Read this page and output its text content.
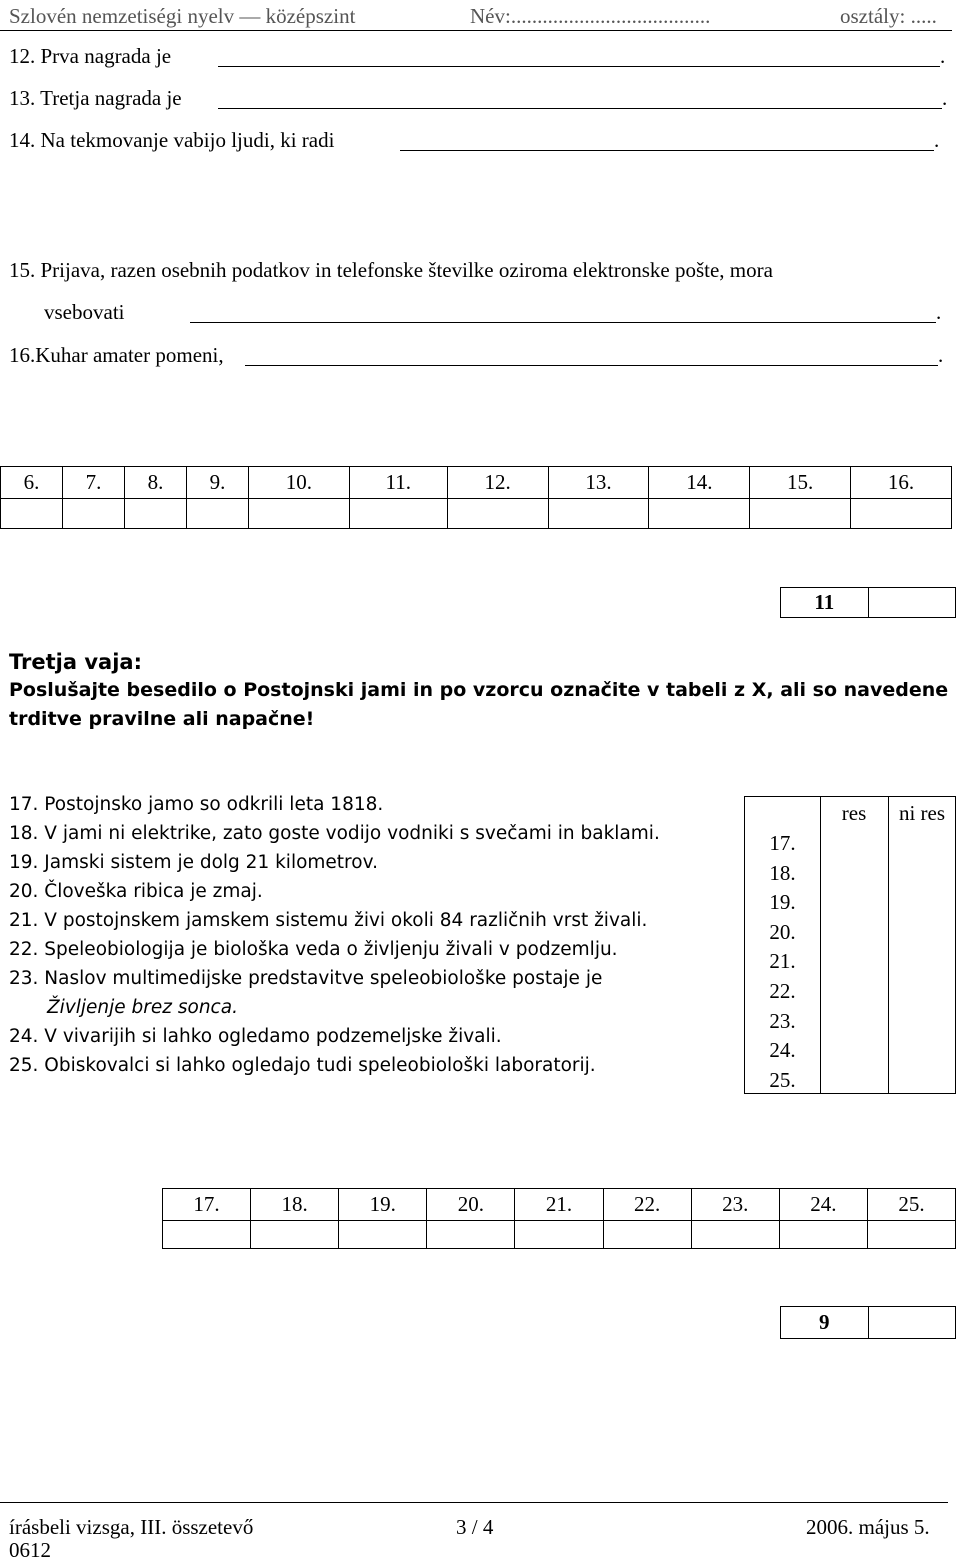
Szlovén nemzetiségi nyelv — középszint	Név:......................................	osztály: .....
12. Prva nagrada je	.
13. Tretja nagrada je	.
14. Na tekmovanje vabijo ljudi, ki radi	.
15. Prijava, razen osebnih podatkov in telefonske številke oziroma elektronske pošte, mora
vsebovati	.
16.Kuhar amater pomeni,	.
6.	7.	8.	9.	10.	11.	12.	13.	14.	15.	16.

11	
Tretja vaja:
Poslušajte besedilo o Postojnski jami in po vzorcu označite v tabeli z X, ali so navedene
trditve pravilne ali napačne!
17. Postojnsko jamo so odkrili leta 1818.
18. V jami ni elektrike, zato goste vodijo vodniki s svečami in baklami.
19. Jamski sistem je dolg 21 kilometrov.
20. Človeška ribica je zmaj.
21. V postojnskem jamskem sistemu živi okoli 84 različnih vrst živali.
22. Speleobiologija je biološka veda o življenju živali v podzemlju.
23. Naslov multimedijske predstavitve speleobiološke postaje je
Življenje brez sonca.
24. V vivarijih si lahko ogledamo podzemeljske živali.
25. Obiskovalci si lahko ogledajo tudi speleobiološki laboratorij.
res	ni res
17.
18.
19.
20.
21.
22.
23.
24.
25.
17.	18.	19.	20.	21.	22.	23.	24.	25.

9	
írásbeli vizsga, III. összetevő	3 / 4	2006. május 5.
0612
